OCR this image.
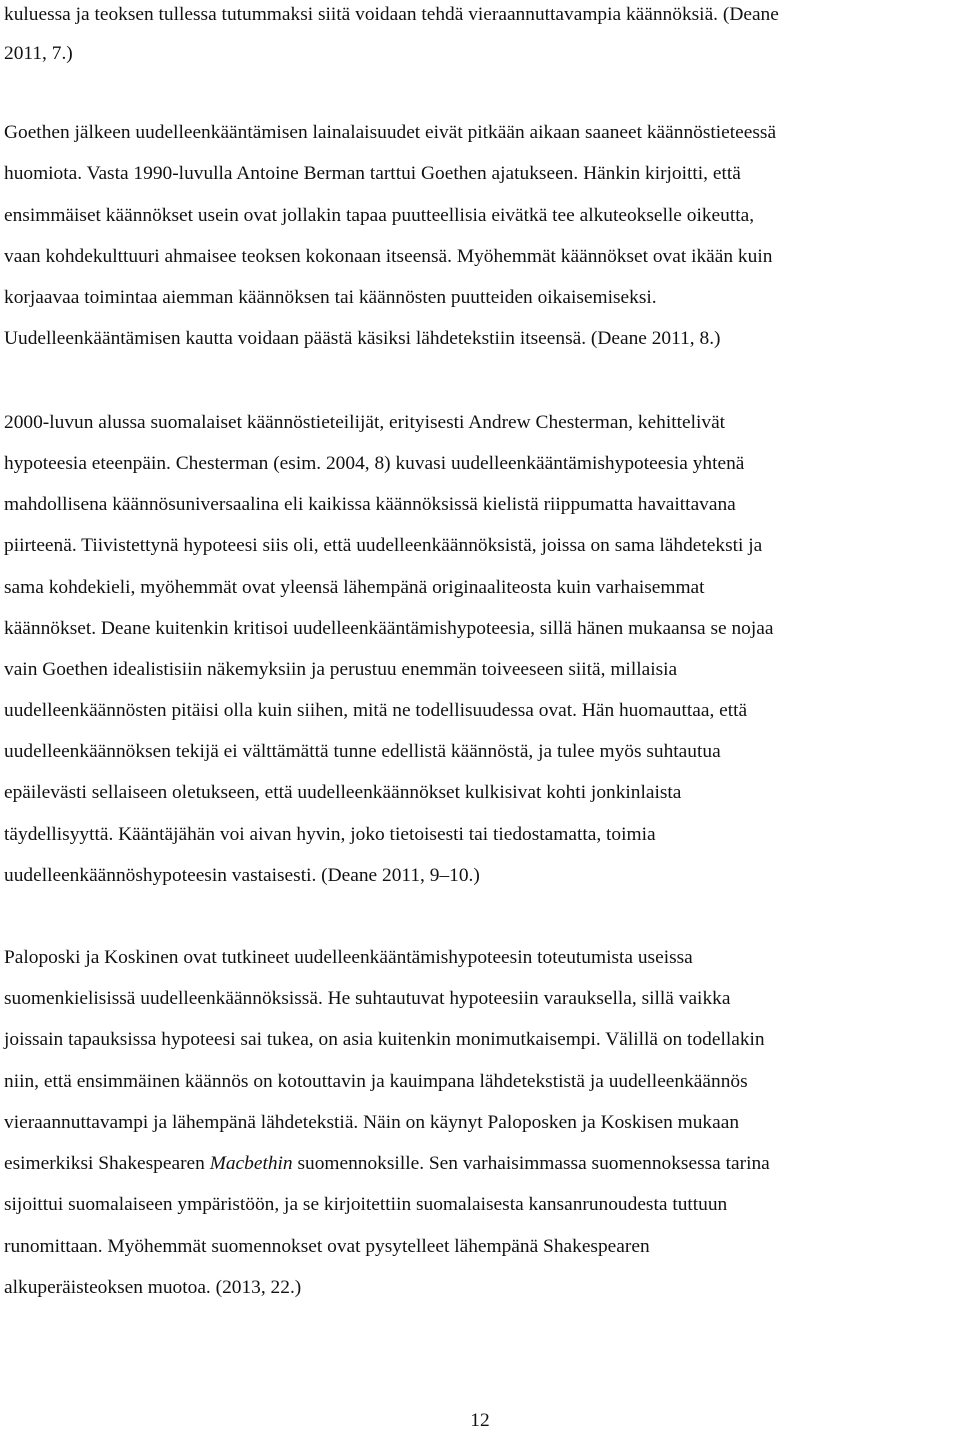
kuluessa ja teoksen tullessa tutummaksi siitä voidaan tehdä vieraannuttavampia käännöksiä. (Deane
2011, 7.)
Goethen jälkeen uudelleenkääntämisen lainalaisuudet eivät pitkään aikaan saaneet käännöstieteessä
huomiota. Vasta 1990-luvulla Antoine Berman tarttui Goethen ajatukseen. Hänkin kirjoitti, että
ensimmäiset käännökset usein ovat jollakin tapaa puutteellisia eivätkä tee alkuteokselle oikeutta,
vaan kohdekulttuuri ahmaisee teoksen kokonaan itseensä. Myöhemmät käännökset ovat ikään kuin
korjaavaa toimintaa aiemman käännöksen tai käännösten puutteiden oikaisemiseksi.
Uudelleenkääntämisen kautta voidaan päästä käsiksi lähdetekstiin itseensä. (Deane 2011, 8.)
2000-luvun alussa suomalaiset käännöstieteilijät, erityisesti Andrew Chesterman, kehittelivät
hypoteesia eteenpäin. Chesterman (esim. 2004, 8) kuvasi uudelleenkääntämishypoteesia yhtenä
mahdollisena käännösuniversaalina eli kaikissa käännöksissä kielistä riippumatta havaittavana
piirteenä. Tiivistettynä hypoteesi siis oli, että uudelleenkäännöksistä, joissa on sama lähdeteksti ja
sama kohdekieli, myöhemmät ovat yleensä lähempänä originaaliteosta kuin varhaisemmat
käännökset. Deane kuitenkin kritisoi uudelleenkääntämishypoteesia, sillä hänen mukaansa se nojaa
vain Goethen idealistisiin näkemyksiin ja perustuu enemmän toiveeseen siitä, millaisia
uudelleenkäännösten pitäisi olla kuin siihen, mitä ne todellisuudessa ovat. Hän huomauttaa, että
uudelleenkäännöksen tekijä ei välttämättä tunne edellistä käännöstä, ja tulee myös suhtautua
epäilevästi sellaiseen oletukseen, että uudelleenkäännökset kulkisivat kohti jonkinlaista
täydellisyyttä. Kääntäjähän voi aivan hyvin, joko tietoisesti tai tiedostamatta, toimia
uudelleenkäännöshypoteesin vastaisesti. (Deane 2011, 9–10.)
Paloposki ja Koskinen ovat tutkineet uudelleenkääntämishypoteesin toteutumista useissa
suomenkielisissä uudelleenkäännöksissä. He suhtautuvat hypoteesiin varauksella, sillä vaikka
joissain tapauksissa hypoteesi sai tukea, on asia kuitenkin monimutkaisempi. Välillä on todellakin
niin, että ensimmäinen käännös on kotouttavin ja kauimpana lähdetekstistä ja uudelleenkäännös
vieraannuttavampi ja lähempänä lähdetekstiä. Näin on käynyt Paloposken ja Koskisen mukaan
esimerkiksi Shakespearen Macbethin suomennoksille. Sen varhaisimmassa suomennoksessa tarina
sijoittui suomalaiseen ympäristöön, ja se kirjoitettiin suomalaisesta kansanrunoudesta tuttuun
runomittaan. Myöhemmät suomennokset ovat pysytelleet lähempänä Shakespearen
alkuperäisteoksen muotoa. (2013, 22.)
12
